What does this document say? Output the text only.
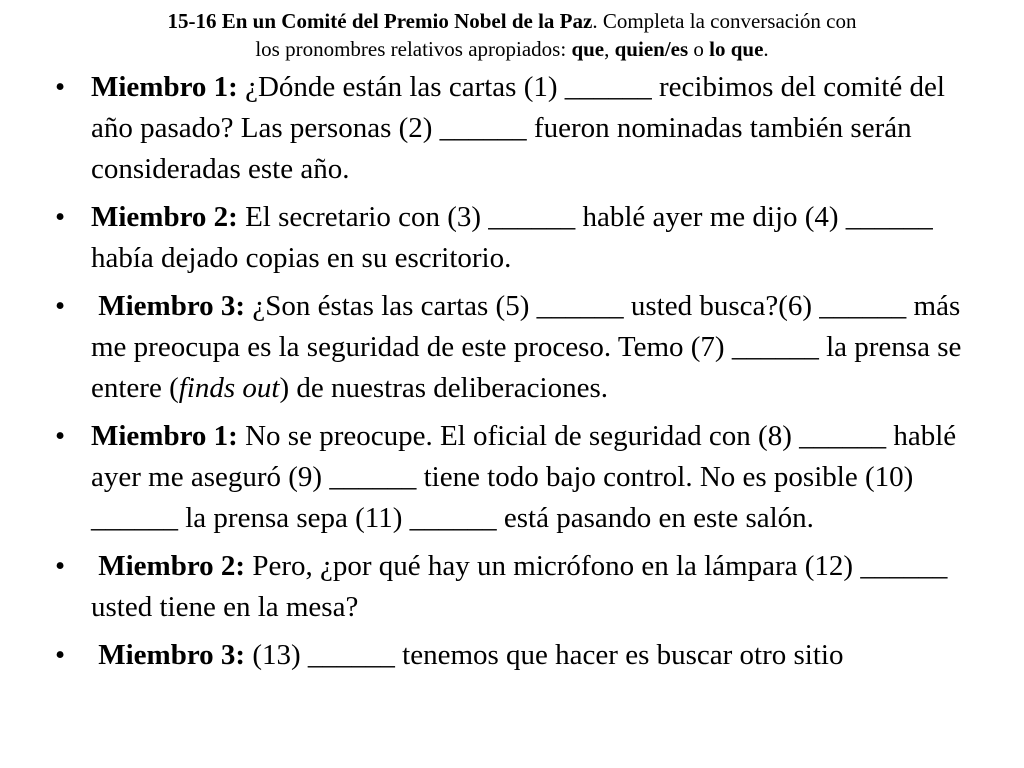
15-16 En un Comité del Premio Nobel de la Paz. Completa la conversación con
los pronombres relativos apropiados: que, quien/es o lo que.
• Miembro 1: ¿Dónde están las cartas (1) ______ recibimos del comité del año pasado? Las personas (2) ______ fueron nominadas también serán consideradas este año.
• Miembro 2: El secretario con (3) ______ hablé ayer me dijo (4) ______ había dejado copias en su escritorio.
• Miembro 3: ¿Son éstas las cartas (5) ______ usted busca?(6) ______ más me preocupa es la seguridad de este proceso. Temo (7) ______ la prensa se entere (finds out) de nuestras deliberaciones.
• Miembro 1: No se preocupe. El oficial de seguridad con (8) ______ hablé ayer me aseguró (9) ______ tiene todo bajo control. No es posible (10) ______ la prensa sepa (11) ______ está pasando en este salón.
• Miembro 2: Pero, ¿por qué hay un micrófono en la lámpara (12) ______ usted tiene en la mesa?
• Miembro 3: (13) ______ tenemos que hacer es buscar otro sitio
